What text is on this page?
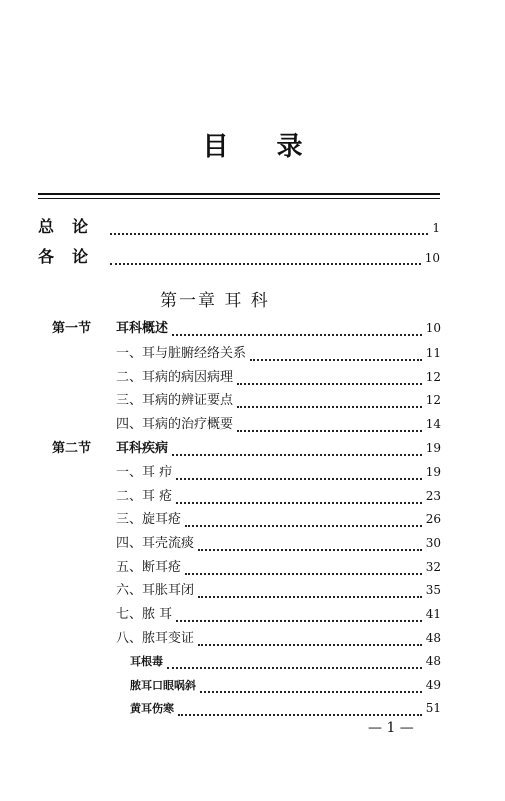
目 录
总论	1
各论	10
第一章 耳 科
第一节	耳科概述	10
一、耳与脏腑经络关系	11
二、耳病的病因病理	12
三、耳病的辨证要点	12
四、耳病的治疗概要	14
第二节	耳科疾病	19
一、耳 疖	19
二、耳 疮	23
三、旋耳疮	26
四、耳壳流痰	30
五、断耳疮	32
六、耳胀耳闭	35
七、脓 耳	41
八、脓耳变证	48
耳根毒	48
脓耳口眼㖞斜	49
黄耳伤寒	51
— 1 —
